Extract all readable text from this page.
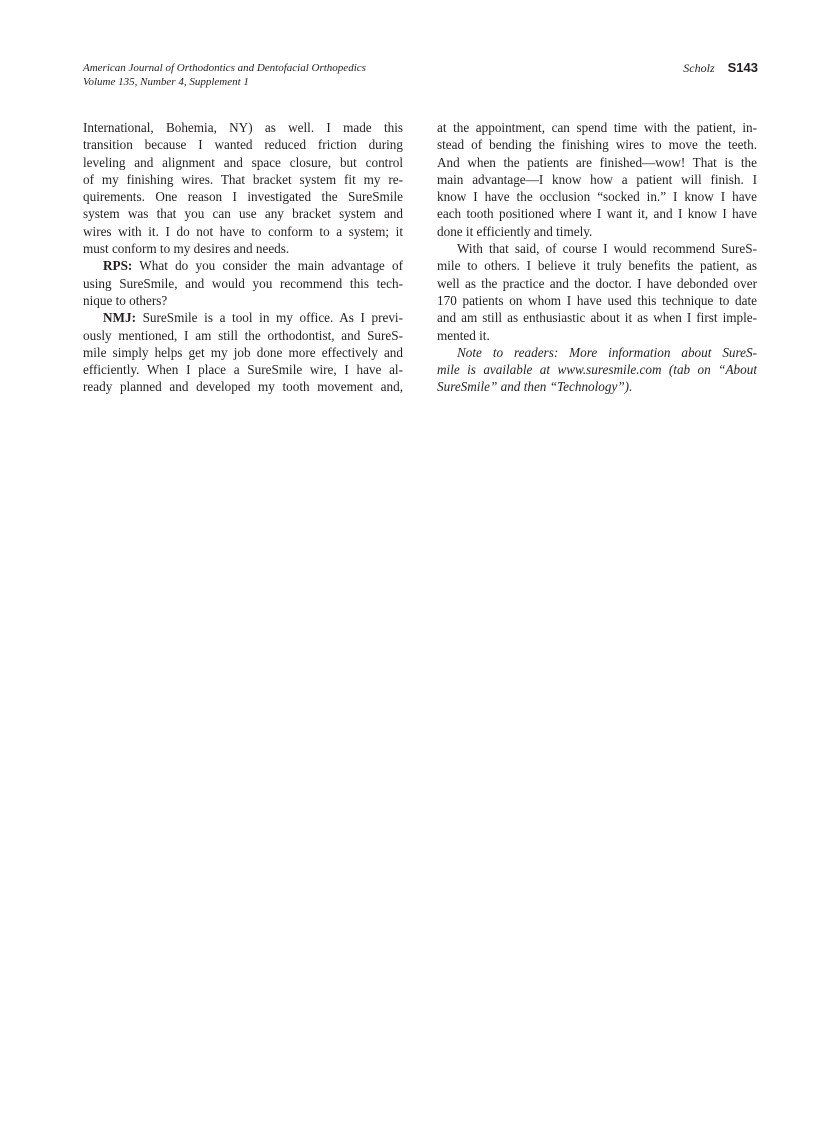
American Journal of Orthodontics and Dentofacial Orthopedics
Volume 135, Number 4, Supplement 1
Scholz S143
International, Bohemia, NY) as well. I made this
transition because I wanted reduced friction during
leveling and alignment and space closure, but control
of my finishing wires. That bracket system fit my re-
quirements. One reason I investigated the SureSmile
system was that you can use any bracket system and
wires with it. I do not have to conform to a system; it
must conform to my desires and needs.
RPS: What do you consider the main advantage of
using SureSmile, and would you recommend this tech-
nique to others?
NMJ: SureSmile is a tool in my office. As I previ-
ously mentioned, I am still the orthodontist, and SureS-
mile simply helps get my job done more effectively and
efficiently. When I place a SureSmile wire, I have al-
ready planned and developed my tooth movement and,
at the appointment, can spend time with the patient, in-
stead of bending the finishing wires to move the teeth.
And when the patients are finished—wow! That is the
main advantage—I know how a patient will finish. I
know I have the occlusion “socked in.” I know I have
each tooth positioned where I want it, and I know I have
done it efficiently and timely.
With that said, of course I would recommend SureS-
mile to others. I believe it truly benefits the patient, as
well as the practice and the doctor. I have debonded over
170 patients on whom I have used this technique to date
and am still as enthusiastic about it as when I first imple-
mented it.
Note to readers: More information about SureS-
mile is available at www.suresmile.com (tab on “About
SureSmile” and then “Technology”).
